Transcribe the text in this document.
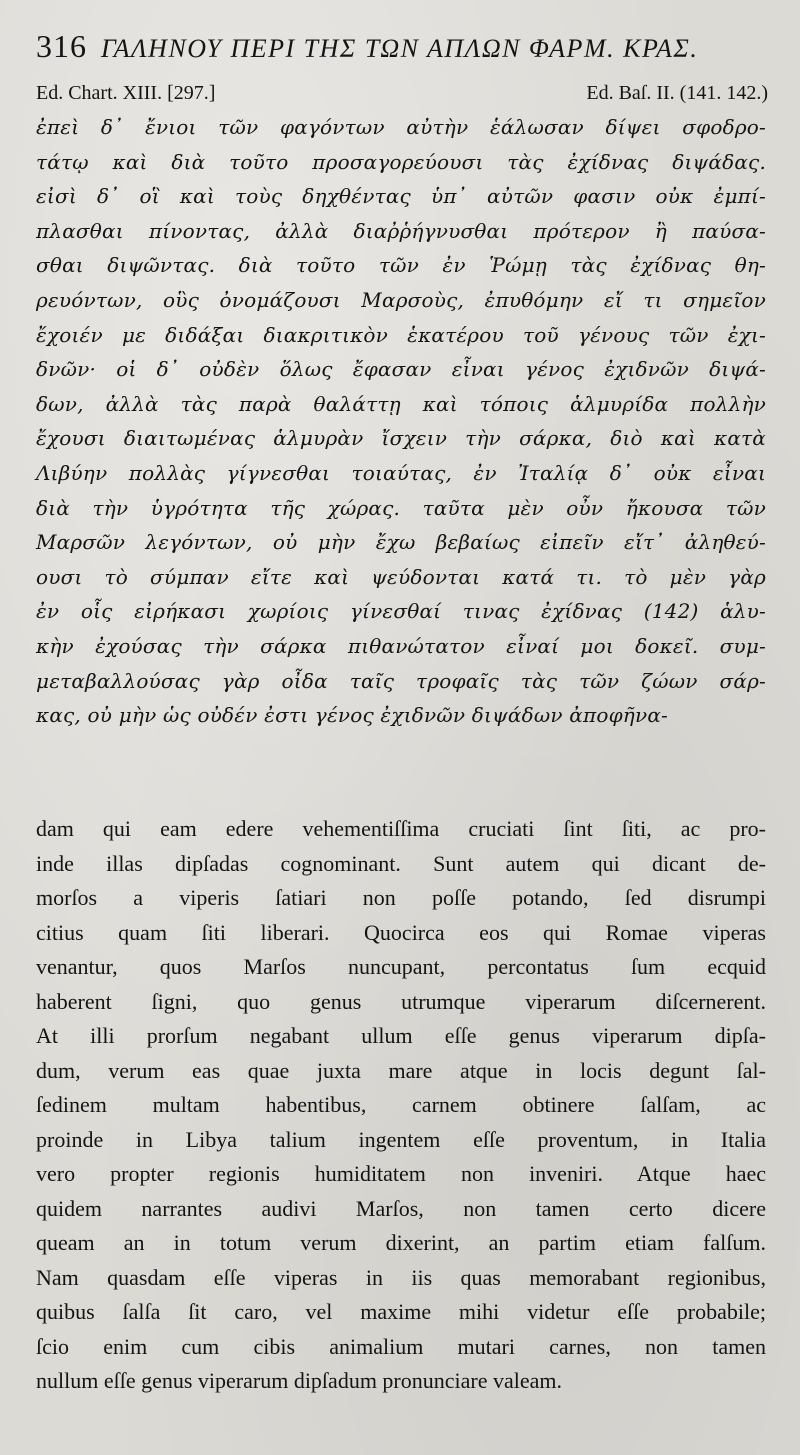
316 ΓΑΛΗΝΟΥ ΠΕΡΙ ΤΗΣ ΤΩΝ ΑΠΛΩΝ ΦΑΡΜ. ΚΡΑΣ.
Ed. Chart. XIII. [297.]	Ed. Baſ. II. (141. 142.)
ἐπεὶ δ᾽ ἔνιοι τῶν φαγόντων αὐτὴν ἑάλωσαν δίψει σφοδρο-
τάτῳ καὶ διὰ τοῦτο προσαγορεύουσι τὰς ἐχίδνας διψάδας.
εἰσὶ δ᾽ οἳ καὶ τοὺς δηχθέντας ὑπ᾽ αὐτῶν φασιν οὐκ ἐμπί-
πλασθαι πίνοντας, ἀλλὰ διαῤῥήγνυσθαι πρότερον ἢ παύσα-
σθαι διψῶντας. διὰ τοῦτο τῶν ἐν Ῥώμῃ τὰς ἐχίδνας θη-
ρευόντων, οὓς ὀνομάζουσι Μαρσοὺς, ἐπυθόμην εἴ τι σημεῖον
ἔχοιέν με διδάξαι διακριτικὸν ἑκατέρου τοῦ γένους τῶν ἐχι-
δνῶν· οἱ δ᾽ οὐδὲν ὅλως ἔφασαν εἶναι γένος ἐχιδνῶν διψά-
δων, ἀλλὰ τὰς παρὰ θαλάττῃ καὶ τόποις ἁλμυρίδα πολλὴν
ἔχουσι διαιτωμένας ἁλμυρὰν ἴσχειν τὴν σάρκα, διὸ καὶ κατὰ
Λιβύην πολλὰς γίγνεσθαι τοιαύτας, ἐν Ἰταλίᾳ δ᾽ οὐκ εἶναι
διὰ τὴν ὑγρότητα τῆς χώρας. ταῦτα μὲν οὖν ἤκουσα τῶν
Μαρσῶν λεγόντων, οὐ μὴν ἔχω βεβαίως εἰπεῖν εἴτ᾽ ἀληθεύ-
ουσι τὸ σύμπαν εἴτε καὶ ψεύδονται κατά τι. τὸ μὲν γὰρ
ἐν οἷς εἰρήκασι χωρίοις γίνεσθαί τινας ἐχίδνας (142) ἁλυ-
κὴν ἐχούσας τὴν σάρκα πιθανώτατον εἶναί μοι δοκεῖ. συμ-
μεταβαλλούσας γὰρ οἶδα ταῖς τροφαῖς τὰς τῶν ζώων σάρ-
κας, οὐ μὴν ὡς οὐδέν ἐστι γένος ἐχιδνῶν διψάδων ἀποφῆνα-
dam qui eam edere vehementiſſima cruciati ſint ſiti, ac pro-
inde illas dipſadas cognominant. Sunt autem qui dicant de-
morſos a viperis ſatiari non poſſe potando, ſed disrumpi
citius quam ſiti liberari. Quocirca eos qui Romae viperas
venantur, quos Marſos nuncupant, percontatus ſum ecquid
haberent ſigni, quo genus utrumque viperarum diſcernerent.
At illi prorſum negabant ullum eſſe genus viperarum dipſa-
dum, verum eas quae juxta mare atque in locis degunt ſal-
ſedinem multam habentibus, carnem obtinere ſalſam, ac
proinde in Libya talium ingentem eſſe proventum, in Italia
vero propter regionis humiditatem non inveniri. Atque haec
quidem narrantes audivi Marſos, non tamen certo dicere
queam an in totum verum dixerint, an partim etiam falſum.
Nam quasdam eſſe viperas in iis quas memorabant regionibus,
quibus ſalſa ſit caro, vel maxime mihi videtur eſſe probabile;
ſcio enim cum cibis animalium mutari carnes, non tamen
nullum eſſe genus viperarum dipſadum pronunciare valeam.
